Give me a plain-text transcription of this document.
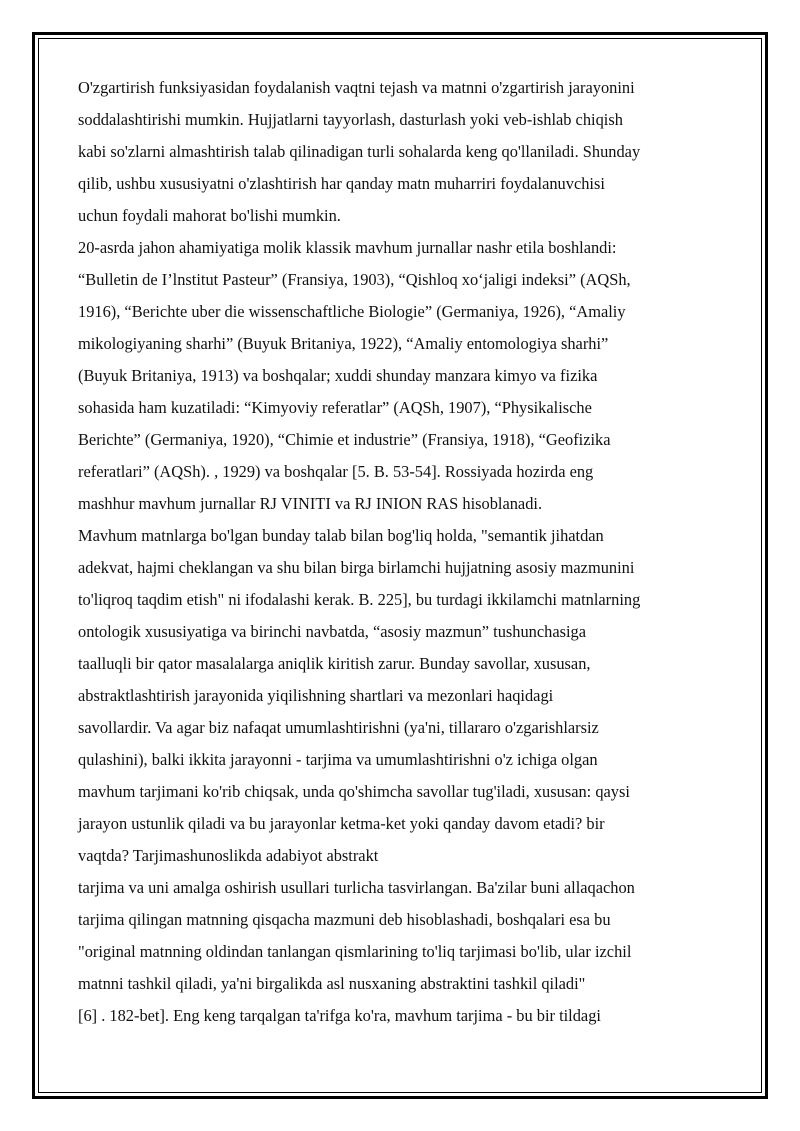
O'zgartirish funksiyasidan foydalanish vaqtni tejash va matnni o'zgartirish jarayonini
soddalashtirishi mumkin. Hujjatlarni tayyorlash, dasturlash yoki veb-ishlab chiqish
kabi so'zlarni almashtirish talab qilinadigan turli sohalarda keng qo'llaniladi. Shunday
qilib, ushbu xususiyatni o'zlashtirish har qanday matn muharriri foydalanuvchisi
uchun foydali mahorat bo'lishi mumkin.
20-asrda jahon ahamiyatiga molik klassik mavhum jurnallar nashr etila boshlandi:
“Bulletin de I’lnstitut Pasteur” (Fransiya, 1903), “Qishloq xo‘jaligi indeksi” (AQSh,
1916), “Berichte uber die wissenschaftliche Biologie” (Germaniya, 1926), “Amaliy
mikologiyaning sharhi” (Buyuk Britaniya, 1922), “Amaliy entomologiya sharhi”
(Buyuk Britaniya, 1913) va boshqalar; xuddi shunday manzara kimyo va fizika
sohasida ham kuzatiladi: “Kimyoviy referatlar” (AQSh, 1907), “Physikalische
Berichte” (Germaniya, 1920), “Chimie et industrie” (Fransiya, 1918), “Geofizika
referatlari” (AQSh). , 1929) va boshqalar [5. B. 53-54]. Rossiyada hozirda eng
mashhur mavhum jurnallar RJ VINITI va RJ INION RAS hisoblanadi.
Mavhum matnlarga bo'lgan bunday talab bilan bog'liq holda, "semantik jihatdan
adekvat, hajmi cheklangan va shu bilan birga birlamchi hujjatning asosiy mazmunini
to'liqroq taqdim etish" ni ifodalashi kerak. B. 225], bu turdagi ikkilamchi matnlarning
ontologik xususiyatiga va birinchi navbatda, “asosiy mazmun” tushunchasiga
taalluqli bir qator masalalarga aniqlik kiritish zarur. Bunday savollar, xususan,
abstraktlashtirish jarayonida yiqilishning shartlari va mezonlari haqidagi
savollardir. Va agar biz nafaqat umumlashtirishni (ya'ni, tillararo o'zgarishlarsiz
qulashini), balki ikkita jarayonni - tarjima va umumlashtirishni o'z ichiga olgan
mavhum tarjimani ko'rib chiqsak, unda qo'shimcha savollar tug'iladi, xususan: qaysi
jarayon ustunlik qiladi va bu jarayonlar ketma-ket yoki qanday davom etadi? bir
vaqtda? Tarjimashunoslikda adabiyot abstrakt
tarjima va uni amalga oshirish usullari turlicha tasvirlangan. Ba'zilar buni allaqachon
tarjima qilingan matnning qisqacha mazmuni deb hisoblashadi, boshqalari esa bu
"original matnning oldindan tanlangan qismlarining to'liq tarjimasi bo'lib, ular izchil
matnni tashkil qiladi, ya'ni birgalikda asl nusxaning abstraktini tashkil qiladi"
[6] . 182-bet]. Eng keng tarqalgan ta'rifga ko'ra, mavhum tarjima - bu bir tildagi
